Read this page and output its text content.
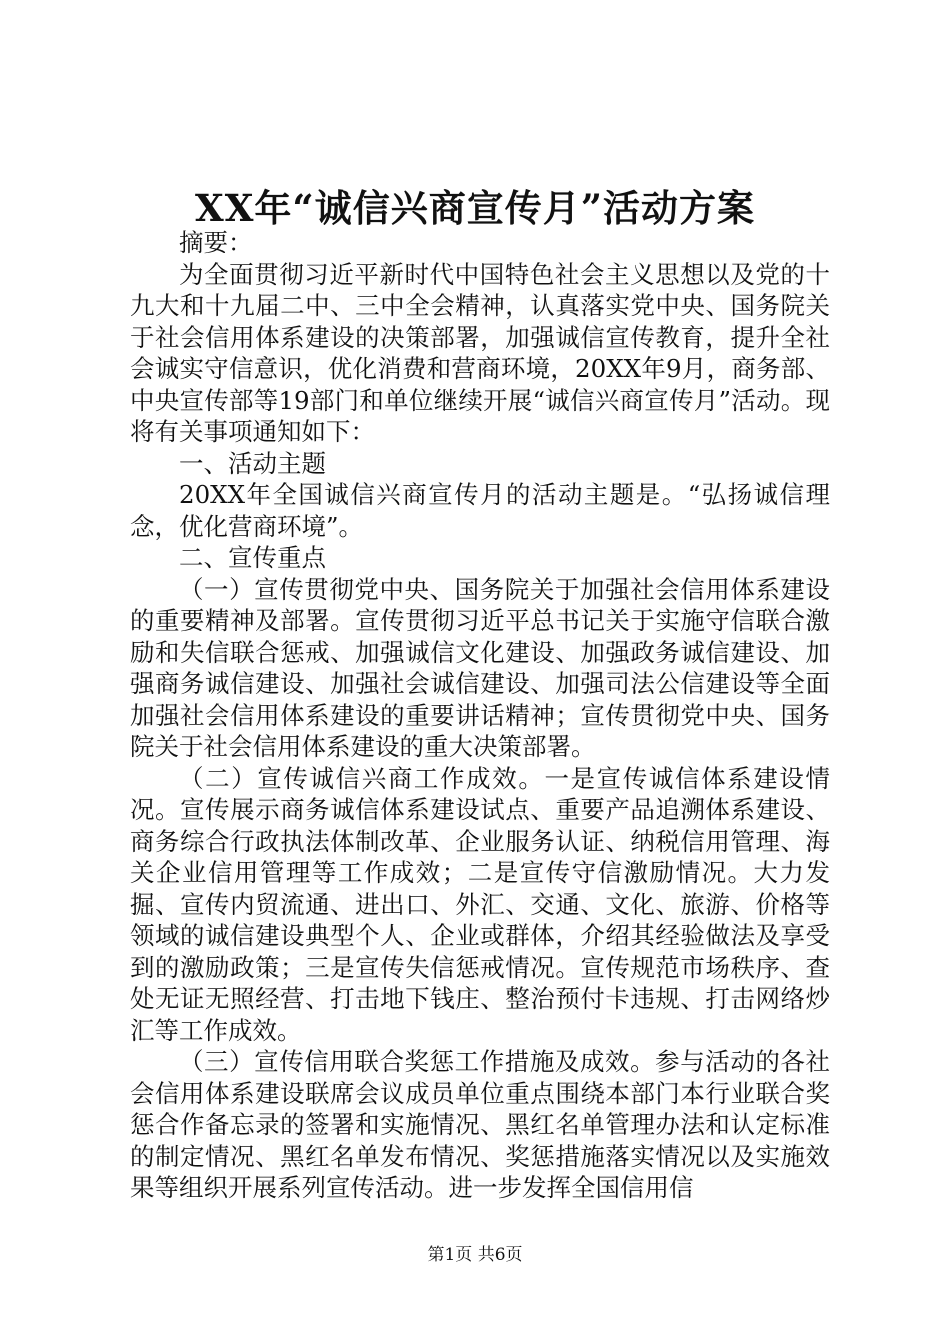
XX年“诚信兴商宣传月”活动方案

摘要：

为全面贯彻习近平新时代中国特色社会主义思想以及党的十九大和十九届二中、三中全会精神，认真落实党中央、国务院关于社会信用体系建设的决策部署，加强诚信宣传教育，提升全社会诚实守信意识，优化消费和营商环境，20XX年9月，商务部、中央宣传部等19部门和单位继续开展“诚信兴商宣传月”活动。现将有关事项通知如下：

一、活动主题

20XX年全国诚信兴商宣传月的活动主题是。“弘扬诚信理念，优化营商环境”。

二、宣传重点

（一）宣传贯彻党中央、国务院关于加强社会信用体系建设的重要精神及部署。宣传贯彻习近平总书记关于实施守信联合激励和失信联合惩戒、加强诚信文化建设、加强政务诚信建设、加强商务诚信建设、加强社会诚信建设、加强司法公信建设等全面加强社会信用体系建设的重要讲话精神；宣传贯彻党中央、国务院关于社会信用体系建设的重大决策部署。

（二）宣传诚信兴商工作成效。一是宣传诚信体系建设情况。宣传展示商务诚信体系建设试点、重要产品追溯体系建设、商务综合行政执法体制改革、企业服务认证、纳税信用管理、海关企业信用管理等工作成效；二是宣传守信激励情况。大力发掘、宣传内贸流通、进出口、外汇、交通、文化、旅游、价格等领域的诚信建设典型个人、企业或群体，介绍其经验做法及享受到的激励政策；三是宣传失信惩戒情况。宣传规范市场秩序、查处无证无照经营、打击地下钱庄、整治预付卡违规、打击网络炒汇等工作成效。

（三）宣传信用联合奖惩工作措施及成效。参与活动的各社会信用体系建设联席会议成员单位重点围绕本部门本行业联合奖惩合作备忘录的签署和实施情况、黑红名单管理办法和认定标准的制定情况、黑红名单发布情况、奖惩措施落实情况以及实施效果等组织开展系列宣传活动。进一步发挥全国信用信

第1页 共6页
